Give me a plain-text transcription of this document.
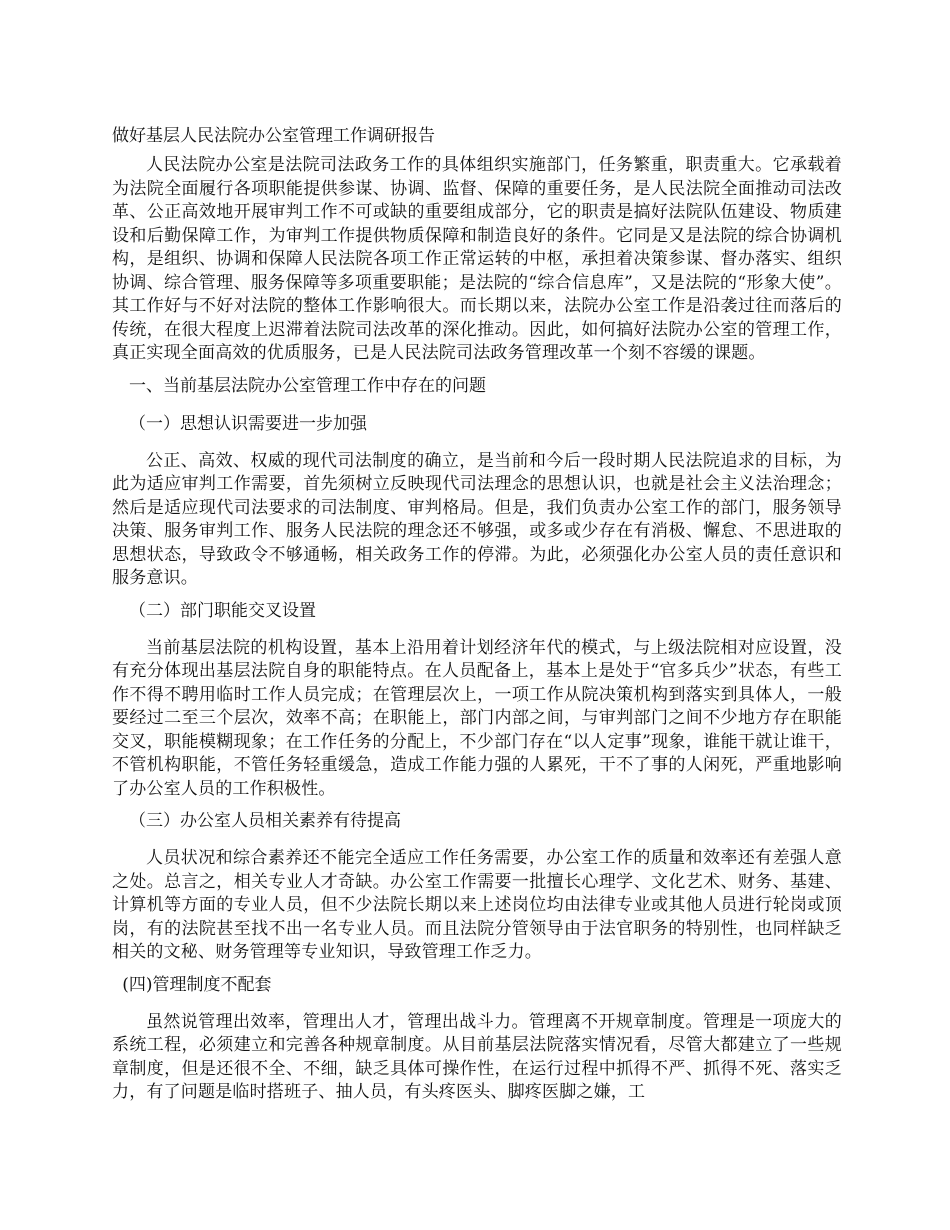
做好基层人民法院办公室管理工作调研报告

人民法院办公室是法院司法政务工作的具体组织实施部门，任务繁重，职责重大。它承载着为法院全面履行各项职能提供参谋、协调、监督、保障的重要任务，是人民法院全面推动司法改革、公正高效地开展审判工作不可或缺的重要组成部分，它的职责是搞好法院队伍建设、物质建设和后勤保障工作，为审判工作提供物质保障和制造良好的条件。它同是又是法院的综合协调机构，是组织、协调和保障人民法院各项工作正常运转的中枢，承担着决策参谋、督办落实、组织协调、综合管理、服务保障等多项重要职能；是法院的“综合信息库”，又是法院的“形象大使”。其工作好与不好对法院的整体工作影响很大。而长期以来，法院办公室工作是沿袭过往而落后的传统，在很大程度上迟滞着法院司法改革的深化推动。因此，如何搞好法院办公室的管理工作，真正实现全面高效的优质服务，已是人民法院司法政务管理改革一个刻不容缓的课题。

一、当前基层法院办公室管理工作中存在的问题
（一）思想认识需要进一步加强

公正、高效、权威的现代司法制度的确立，是当前和今后一段时期人民法院追求的目标，为此为适应审判工作需要，首先须树立反映现代司法理念的思想认识，也就是社会主义法治理念；然后是适应现代司法要求的司法制度、审判格局。但是，我们负责办公室工作的部门，服务领导决策、服务审判工作、服务人民法院的理念还不够强，或多或少存在有消极、懈怠、不思进取的思想状态，导致政令不够通畅，相关政务工作的停滞。为此，必须强化办公室人员的责任意识和服务意识。

（二）部门职能交叉设置

当前基层法院的机构设置，基本上沿用着计划经济年代的模式，与上级法院相对应设置，没有充分体现出基层法院自身的职能特点。在人员配备上，基本上是处于“官多兵少”状态，有些工作不得不聘用临时工作人员完成；在管理层次上，一项工作从院决策机构到落实到具体人，一般要经过二至三个层次，效率不高；在职能上，部门内部之间，与审判部门之间不少地方存在职能交叉，职能模糊现象；在工作任务的分配上，不少部门存在“以人定事”现象，谁能干就让谁干，不管机构职能，不管任务轻重缓急，造成工作能力强的人累死，干不了事的人闲死，严重地影响了办公室人员的工作积极性。

（三）办公室人员相关素养有待提高

人员状况和综合素养还不能完全适应工作任务需要，办公室工作的质量和效率还有差强人意之处。总言之，相关专业人才奇缺。办公室工作需要一批擅长心理学、文化艺术、财务、基建、计算机等方面的专业人员，但不少法院长期以来上述岗位均由法律专业或其他人员进行轮岗或顶岗，有的法院甚至找不出一名专业人员。而且法院分管领导由于法官职务的特别性，也同样缺乏相关的文秘、财务管理等专业知识，导致管理工作乏力。

(四)管理制度不配套

虽然说管理出效率，管理出人才，管理出战斗力。管理离不开规章制度。管理是一项庞大的系统工程，必须建立和完善各种规章制度。从目前基层法院落实情况看，尽管大都建立了一些规章制度，但是还很不全、不细，缺乏具体可操作性，在运行过程中抓得不严、抓得不死、落实乏力，有了问题是临时搭班子、抽人员，有头疼医头、脚疼医脚之嫌，工
